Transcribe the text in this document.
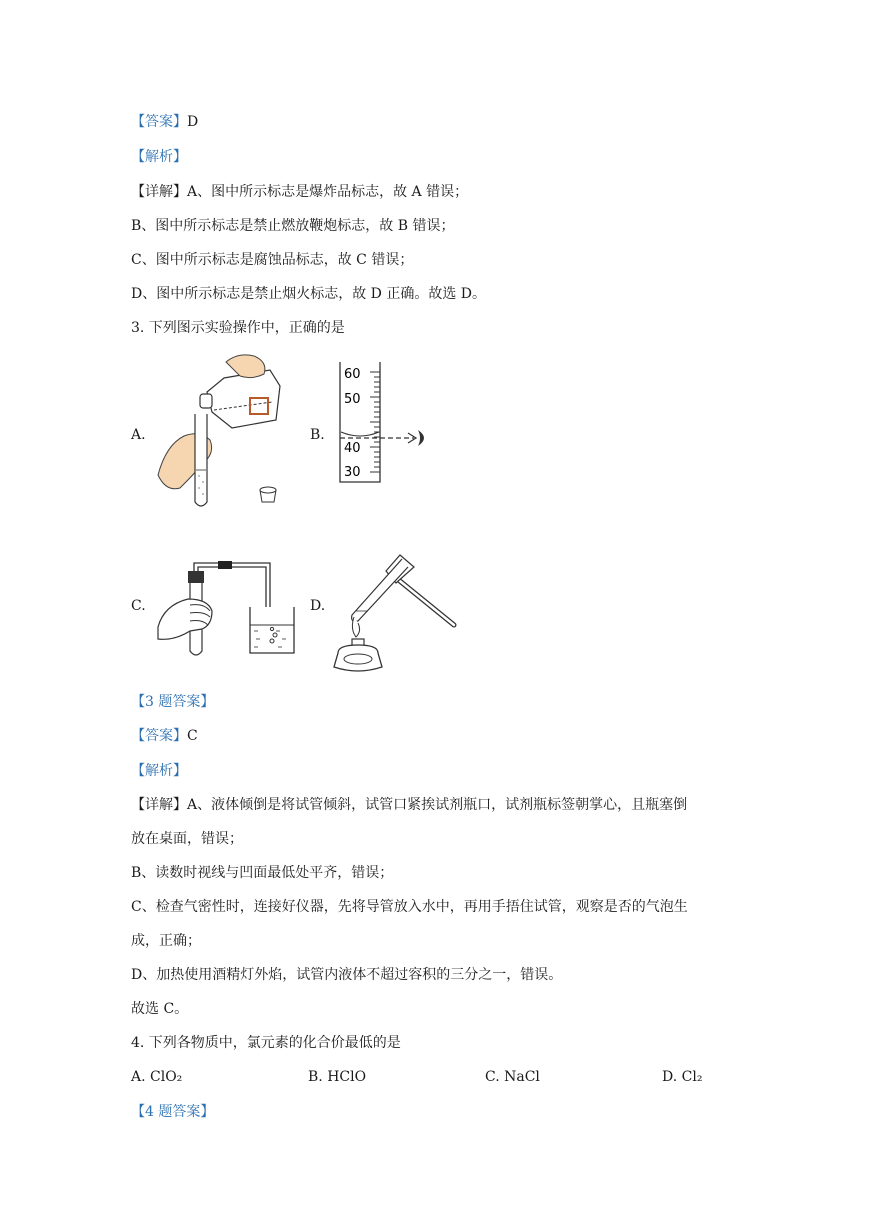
【答案】D
【解析】
【详解】A、图中所示标志是爆炸品标志，故 A 错误；
B、图中所示标志是禁止燃放鞭炮标志，故 B 错误；
C、图中所示标志是腐蚀品标志，故 C 错误；
D、图中所示标志是禁止烟火标志，故 D 正确。故选 D。
3. 下列图示实验操作中，正确的是
A.	B.
60
50
40
30
C.	D.
【3 题答案】
【答案】C
【解析】
【详解】A、液体倾倒是将试管倾斜，试管口紧挨试剂瓶口，试剂瓶标签朝掌心，且瓶塞倒
放在桌面，错误；
B、读数时视线与凹面最低处平齐，错误；
C、检查气密性时，连接好仪器，先将导管放入水中，再用手捂住试管，观察是否的气泡生
成，正确；
D、加热使用酒精灯外焰，试管内液体不超过容积的三分之一，错误。
故选 C。
4. 下列各物质中，氯元素的化合价最低的是
A. ClO₂	B. HClO	C. NaCl	D. Cl₂
【4 题答案】
